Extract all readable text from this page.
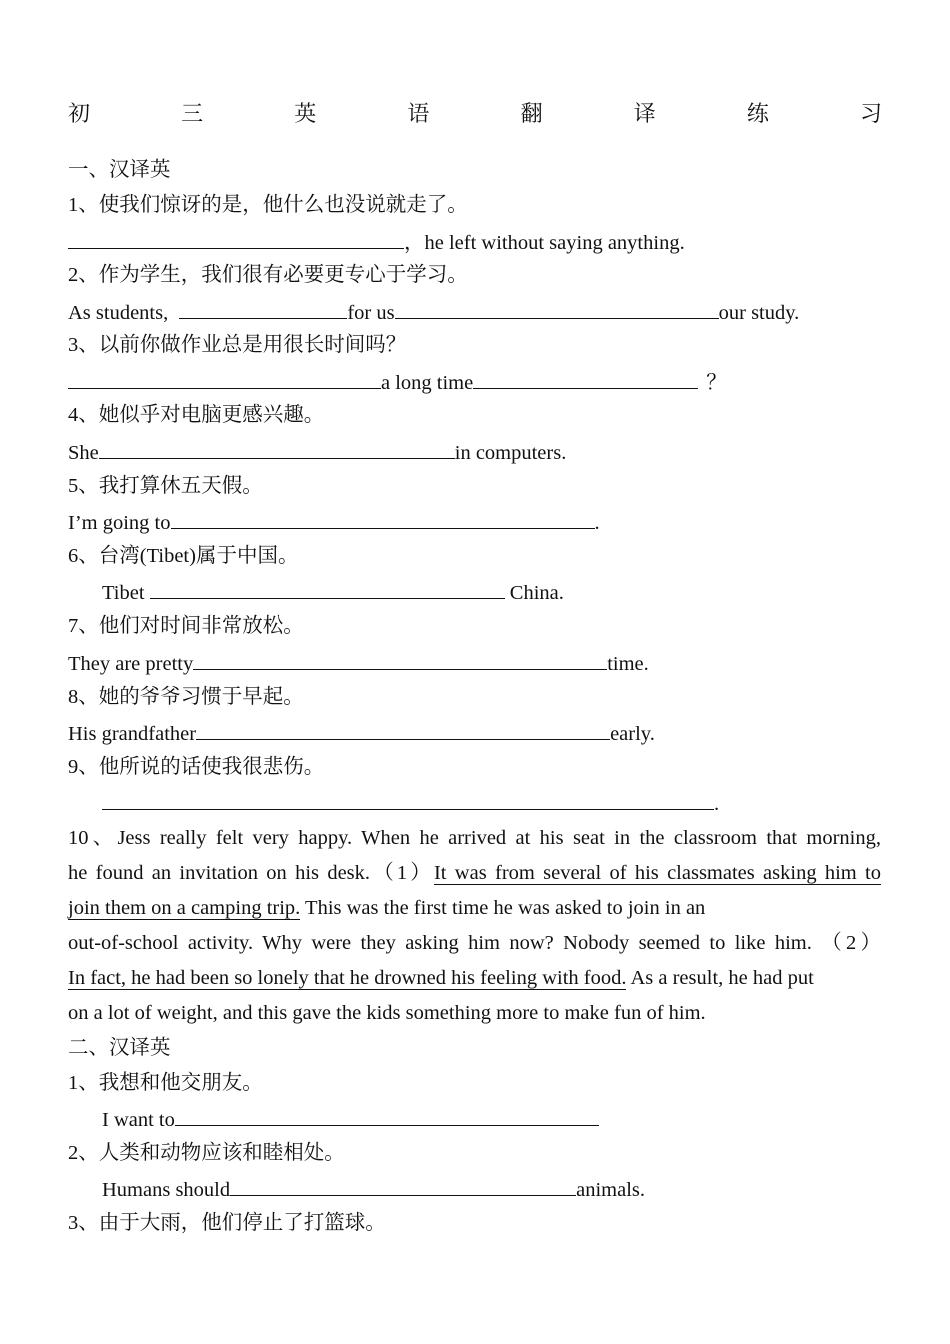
初	三	英	语	翻	译	练	习
一、汉译英
1、使我们惊讶的是，他什么也没说就走了。
，he left without saying anything.
2、作为学生，我们很有必要更专心于学习。
As students,	for us	our study.
3、以前你做作业总是用很长时间吗？
a long time	？
4、她似乎对电脑更感兴趣。
She	in computers.
5、我打算休五天假。
I’m going to	.
6、台湾(Tibet)属于中国。
Tibet	China.
7、他们对时间非常放松。
They are pretty	time.
8、她的爷爷习惯于早起。
His grandfather	early.
9、他所说的话使我很悲伤。
.
10、Jess really felt very happy. When he arrived at his seat in the classroom that morning,
he found an invitation on his desk.（1）It was from several of his classmates asking him to
join them on a camping trip. This was the first time he was asked to join in an
out-of-school activity. Why were they asking him now? Nobody seemed to like him. （2）
In fact, he had been so lonely that he drowned his feeling with food. As a result, he had put
on a lot of weight, and this gave the kids something more to make fun of him.
二、汉译英
1、我想和他交朋友。
I want to
2、人类和动物应该和睦相处。
Humans should	animals.
3、由于大雨，他们停止了打篮球。
